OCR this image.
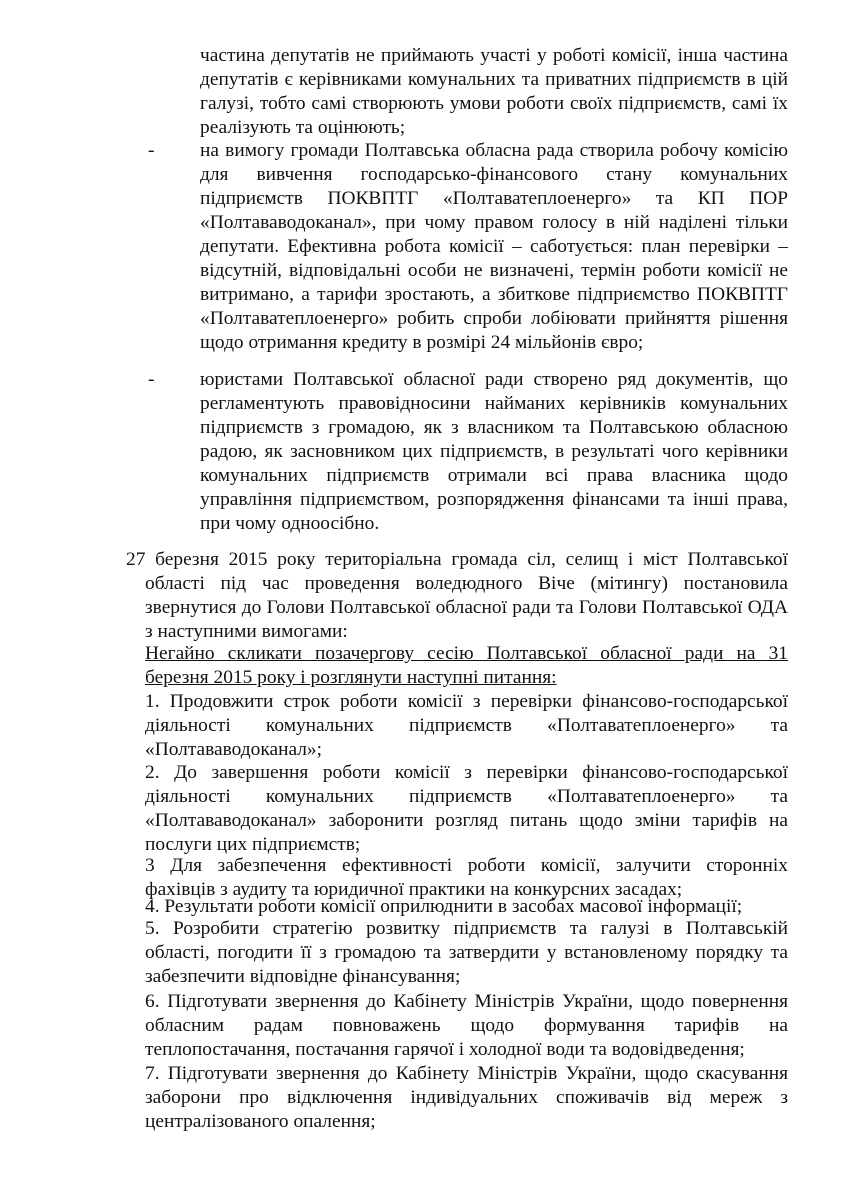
частина депутатів не приймають участі у роботі комісії, інша частина депутатів є керівниками комунальних та приватних підприємств в цій галузі, тобто самі створюють умови роботи своїх підприємств, самі їх реалізують та оцінюють;
-	на вимогу громади Полтавська обласна рада створила робочу комісію для вивчення господарсько-фінансового стану комунальних підприємств ПОКВПТГ «Полтаватеплоенерго» та КП ПОР «Полтававодоканал», при чому правом голосу в ній наділені тільки депутати. Ефективна робота комісії – саботується: план перевірки – відсутній, відповідальні особи не визначені, термін роботи комісії не витримано, а тарифи зростають, а збиткове підприємство ПОКВПТГ «Полтаватеплоенерго» робить спроби лобіювати прийняття рішення щодо отримання кредиту в розмірі 24 мільйонів євро;
-	юристами Полтавської обласної ради створено ряд документів, що регламентують правовідносини найманих керівників комунальних підприємств з громадою, як з власником та Полтавською обласною радою, як засновником цих підприємств, в результаті чого керівники комунальних підприємств отримали всі права власника щодо управління підприємством, розпорядження фінансами та інші права, при чому одноосібно.
27 березня 2015 року територіальна громада сіл, селищ і міст Полтавської області під час проведення воледюдного Віче (мітингу) постановила звернутися до Голови Полтавської обласної ради та Голови Полтавської ОДА з наступними вимогами:
Негайно скликати позачергову сесію Полтавської обласної ради на 31 березня 2015 року і розглянути наступні питання:
1. Продовжити строк роботи комісії з перевірки фінансово-господарської діяльності комунальних підприємств «Полтаватеплоенерго» та «Полтававодоканал»;
2. До завершення роботи комісії з перевірки фінансово-господарської діяльності комунальних підприємств «Полтаватеплоенерго» та «Полтававодоканал» заборонити розгляд питань щодо зміни тарифів на послуги цих підприємств;
3 Для забезпечення ефективності роботи комісії, залучити сторонніх фахівців з аудиту та юридичної практики на конкурсних засадах;
4. Результати роботи комісії оприлюднити в засобах масової інформації;
5. Розробити стратегію розвитку підприємств та галузі в Полтавській області, погодити її з громадою та затвердити у встановленому порядку та забезпечити відповідне фінансування;
6. Підготувати звернення до Кабінету Міністрів України, щодо повернення обласним радам повноважень щодо формування тарифів на теплопостачання, постачання гарячої і холодної води та водовідведення;
7. Підготувати звернення до Кабінету Міністрів України, щодо скасування заборони про відключення індивідуальних споживачів від мереж з централізованого опалення;
